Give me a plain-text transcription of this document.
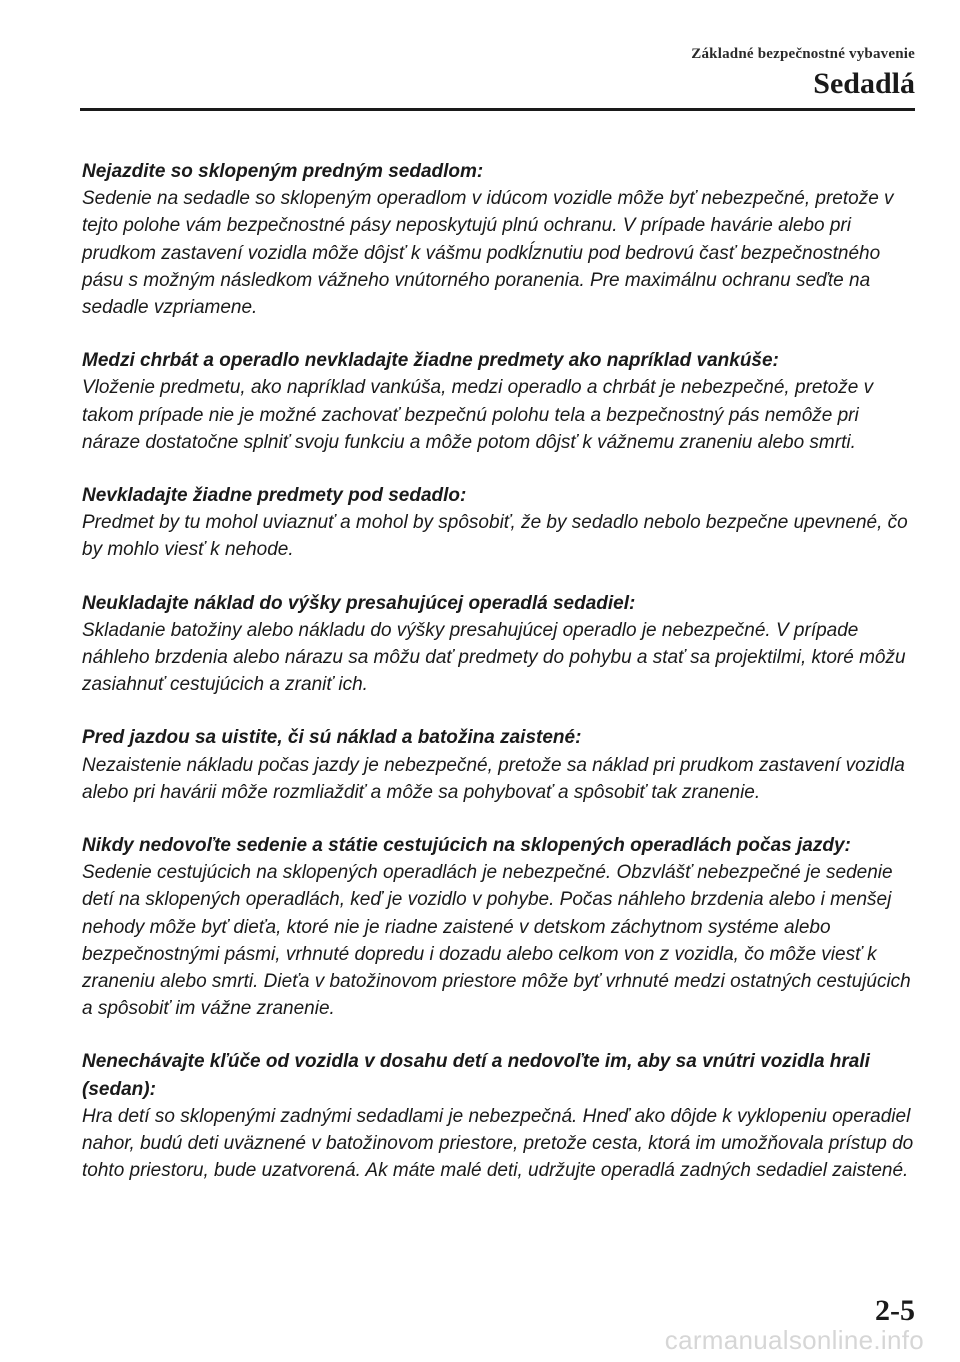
Základné bezpečnostné vybavenie
Sedadlá
Nejazdite so sklopeným predným sedadlom:
Sedenie na sedadle so sklopeným operadlom v idúcom vozidle môže byť nebezpečné, pretože v tejto polohe vám bezpečnostné pásy neposkytujú plnú ochranu. V prípade havárie alebo pri prudkom zastavení vozidla môže dôjsť k vášmu podkĺznutiu pod bedrovú časť bezpečnostného pásu s možným následkom vážneho vnútorného poranenia. Pre maximálnu ochranu seďte na sedadle vzpriamene.
Medzi chrbát a operadlo nevkladajte žiadne predmety ako napríklad vankúše:
Vloženie predmetu, ako napríklad vankúša, medzi operadlo a chrbát je nebezpečné, pretože v takom prípade nie je možné zachovať bezpečnú polohu tela a bezpečnostný pás nemôže pri náraze dostatočne splniť svoju funkciu a môže potom dôjsť k vážnemu zraneniu alebo smrti.
Nevkladajte žiadne predmety pod sedadlo:
Predmet by tu mohol uviaznuť a mohol by spôsobiť, že by sedadlo nebolo bezpečne upevnené, čo by mohlo viesť k nehode.
Neukladajte náklad do výšky presahujúcej operadlá sedadiel:
Skladanie batožiny alebo nákladu do výšky presahujúcej operadlo je nebezpečné. V prípade náhleho brzdenia alebo nárazu sa môžu dať predmety do pohybu a stať sa projektilmi, ktoré môžu zasiahnuť cestujúcich a zraniť ich.
Pred jazdou sa uistite, či sú náklad a batožina zaistené:
Nezaistenie nákladu počas jazdy je nebezpečné, pretože sa náklad pri prudkom zastavení vozidla alebo pri havárii môže rozmliaždiť a môže sa pohybovať a spôsobiť tak zranenie.
Nikdy nedovoľte sedenie a státie cestujúcich na sklopených operadlách počas jazdy:
Sedenie cestujúcich na sklopených operadlách je nebezpečné. Obzvlášť nebezpečné je sedenie detí na sklopených operadlách, keď je vozidlo v pohybe. Počas náhleho brzdenia alebo i menšej nehody môže byť dieťa, ktoré nie je riadne zaistené v detskom záchytnom systéme alebo bezpečnostnými pásmi, vrhnuté dopredu i dozadu alebo celkom von z vozidla, čo môže viesť k zraneniu alebo smrti. Dieťa v batožinovom priestore môže byť vrhnuté medzi ostatných cestujúcich a spôsobiť im vážne zranenie.
Nenechávajte kľúče od vozidla v dosahu detí a nedovoľte im, aby sa vnútri vozidla hrali (sedan):
Hra detí so sklopenými zadnými sedadlami je nebezpečná. Hneď ako dôjde k vyklopeniu operadiel nahor, budú deti uväznené v batožinovom priestore, pretože cesta, ktorá im umožňovala prístup do tohto priestoru, bude uzatvorená. Ak máte malé deti, udržujte operadlá zadných sedadiel zaistené.
2-5
carmanualsonline.info
